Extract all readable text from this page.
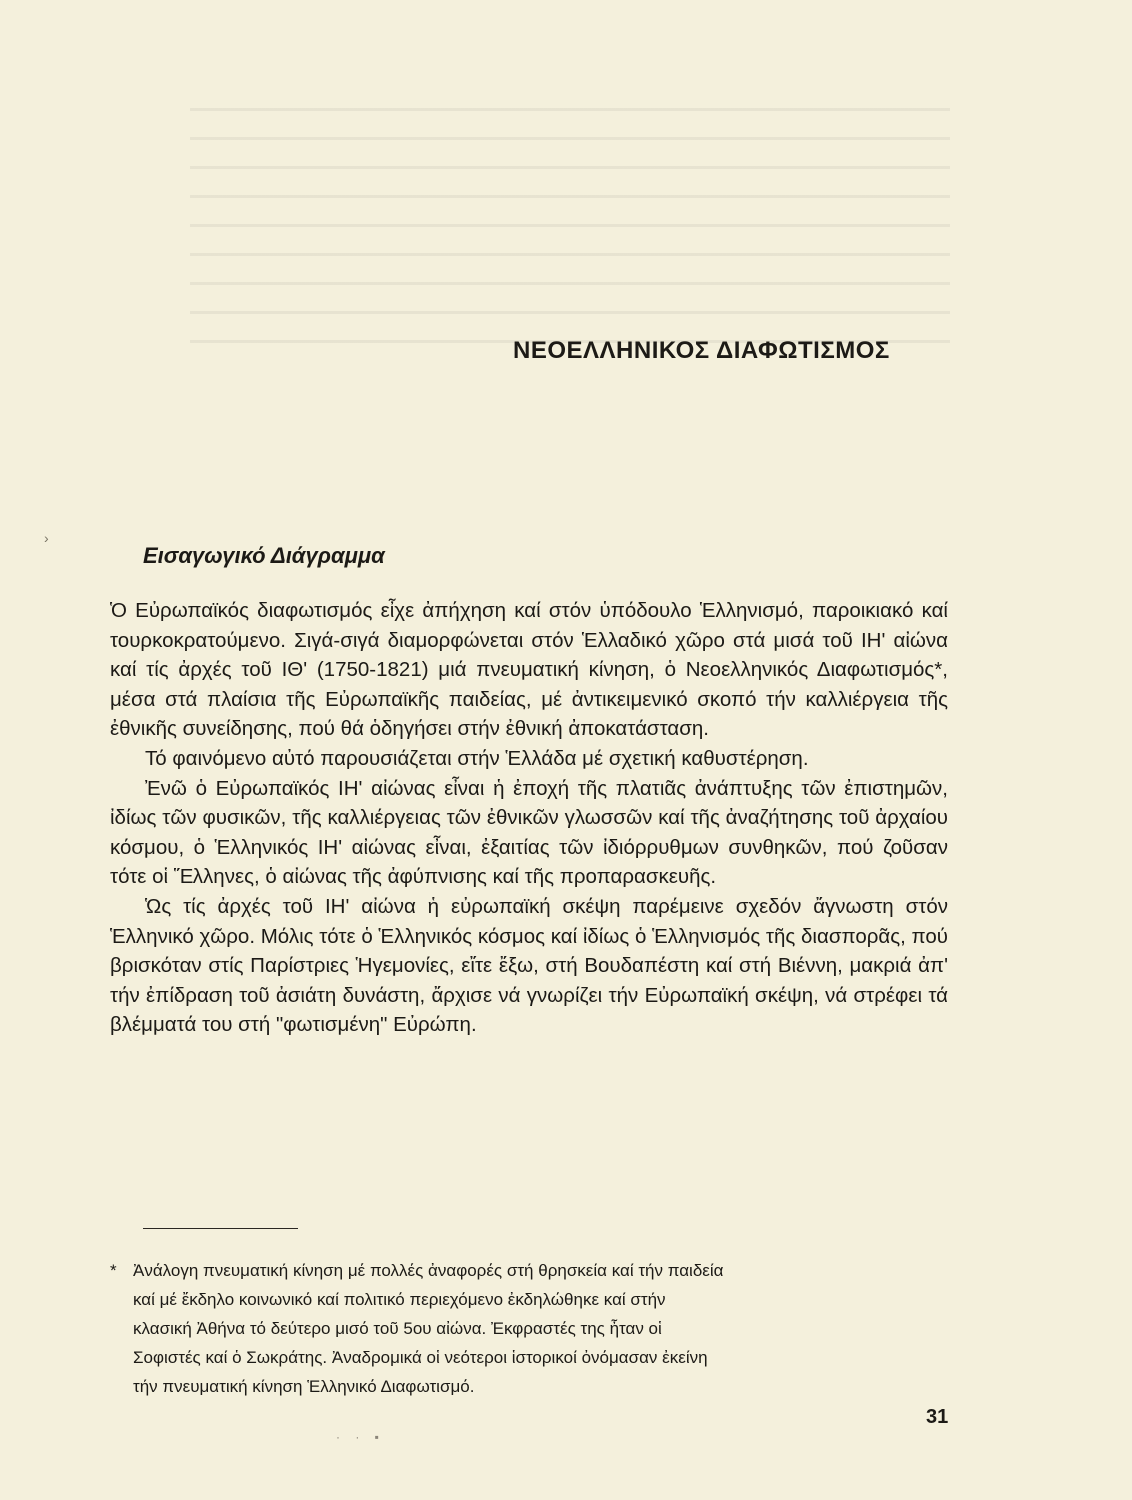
ΝΕΟΕΛΛΗΝΙΚΟΣ ΔΙΑΦΩΤΙΣΜΟΣ
›
Εισαγωγικό Διάγραμμα

Ὁ Εὐρωπαϊκός διαφωτισμός εἶχε ἀπήχηση καί στόν ὑπόδουλο Ἑλληνισμό, παροικιακό καί τουρκοκρατούμενο. Σιγά-σιγά διαμορφώνεται στόν Ἑλλαδικό χῶρο στά μισά τοῦ ΙΗ' αἰώνα καί τίς ἀρχές τοῦ ΙΘ' (1750-1821) μιά πνευματική κίνηση, ὁ Νεοελληνικός Διαφωτισμός*, μέσα στά πλαίσια τῆς Εὐρωπαϊκῆς παιδείας, μέ ἀντικειμενικό σκοπό τήν καλλιέργεια τῆς ἐθνικῆς συνείδησης, πού θά ὁδηγήσει στήν ἐθνική ἀποκατάσταση.

Τό φαινόμενο αὐτό παρουσιάζεται στήν Ἑλλάδα μέ σχετική καθυστέρηση.

Ἐνῶ ὁ Εὐρωπαϊκός ΙΗ' αἰώνας εἶναι ἡ ἐποχή τῆς πλατιᾶς ἀνάπτυξης τῶν ἐπιστημῶν, ἰδίως τῶν φυσικῶν, τῆς καλλιέργειας τῶν ἐθνικῶν γλωσσῶν καί τῆς ἀναζήτησης τοῦ ἀρχαίου κόσμου, ὁ Ἑλληνικός ΙΗ' αἰώνας εἶναι, ἐξαιτίας τῶν ἰδιόρρυθμων συνθηκῶν, πού ζοῦσαν τότε οἱ Ἕλληνες, ὁ αἰώνας τῆς ἀφύπνισης καί τῆς προπαρασκευῆς.

Ὡς τίς ἀρχές τοῦ ΙΗ' αἰώνα ἡ εὐρωπαϊκή σκέψη παρέμεινε σχεδόν ἄγνωστη στόν Ἑλληνικό χῶρο. Μόλις τότε ὁ Ἑλληνικός κόσμος καί ἰδίως ὁ Ἑλληνισμός τῆς διασπορᾶς, πού βρισκόταν στίς Παρίστριες Ἡγεμονίες, εἴτε ἔξω, στή Βουδαπέστη καί στή Βιέννη, μακριά ἀπ' τήν ἐπίδραση τοῦ ἀσιάτη δυνάστη, ἄρχισε νά γνωρίζει τήν Εὐρωπαϊκή σκέψη, νά στρέφει τά βλέμματά του στή "φωτισμένη" Εὐρώπη.

* Ἀνάλογη πνευματική κίνηση μέ πολλές ἀναφορές στή θρησκεία καί τήν παιδεία
καί μέ ἔκδηλο κοινωνικό καί πολιτικό περιεχόμενο ἐκδηλώθηκε καί στήν
κλασική Ἀθήνα τό δεύτερο μισό τοῦ 5ου αἰώνα. Ἐκφραστές της ἦταν οἱ
Σοφιστές καί ὁ Σωκράτης. Ἀναδρομικά οἱ νεότεροι ἱστορικοί ὀνόμασαν ἐκείνη
τήν πνευματική κίνηση Ἑλληνικό Διαφωτισμό.
31
· · ▪
